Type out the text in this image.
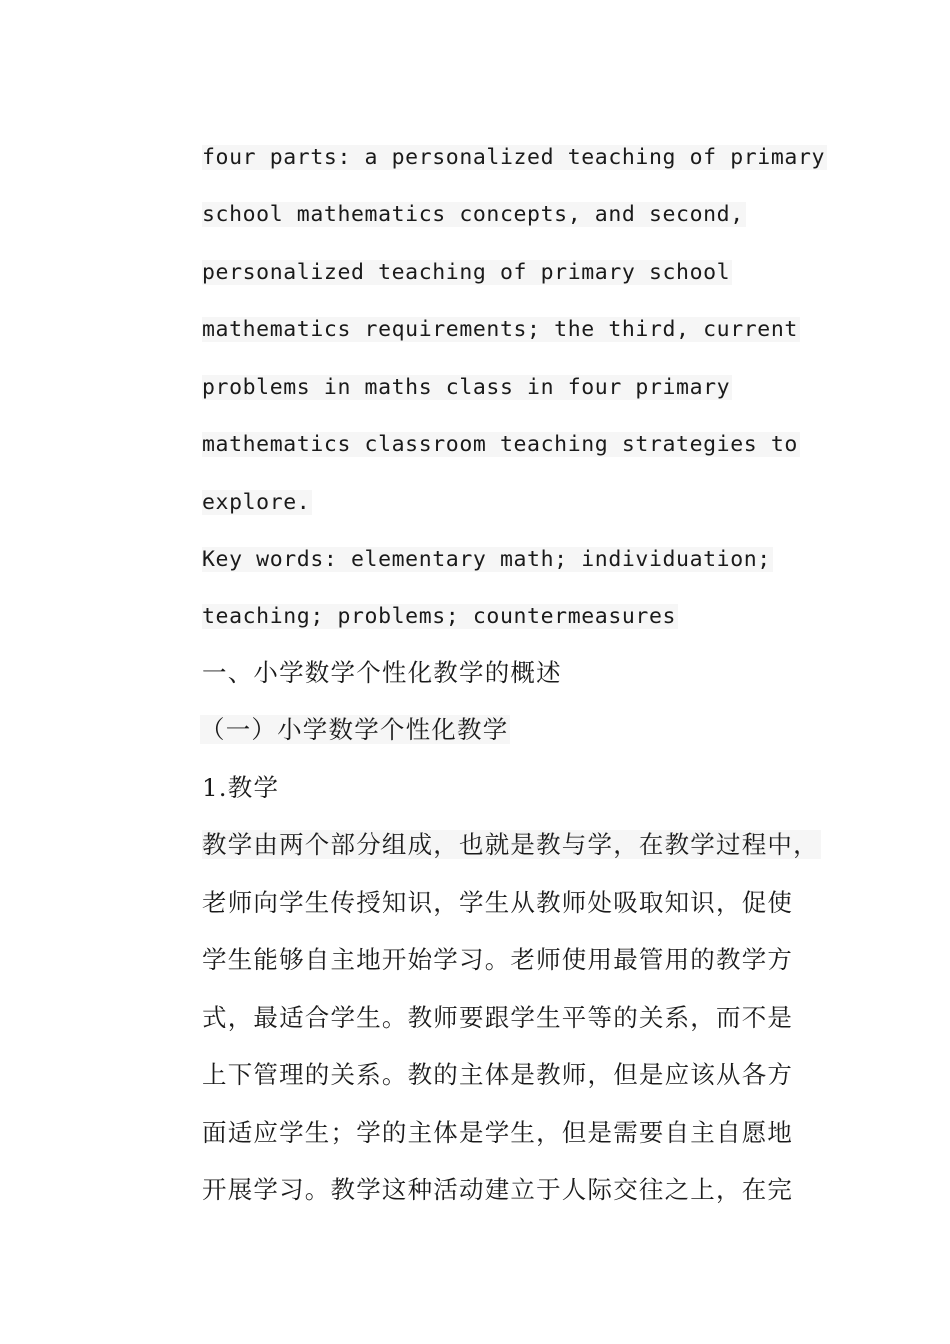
four parts: a personalized teaching of primary
school mathematics concepts, and second,
personalized teaching of primary school
mathematics requirements; the third, current
problems in maths class in four primary
mathematics classroom teaching strategies to
explore.
Key words: elementary math; individuation;
teaching; problems; countermeasures
一、小学数学个性化教学的概述
（一）小学数学个性化教学
1.教学
教学由两个部分组成，也就是教与学，在教学过程中，
老师向学生传授知识，学生从教师处吸取知识，促使
学生能够自主地开始学习。老师使用最管用的教学方
式，最适合学生。教师要跟学生平等的关系，而不是
上下管理的关系。教的主体是教师，但是应该从各方
面适应学生；学的主体是学生，但是需要自主自愿地
开展学习。教学这种活动建立于人际交往之上，在完
